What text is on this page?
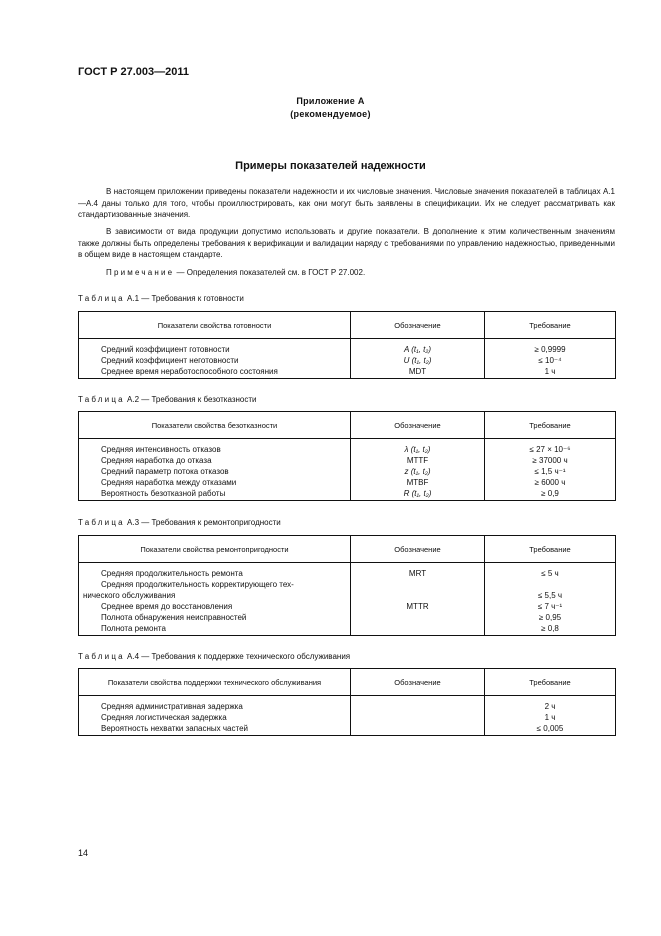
ГОСТ Р 27.003—2011
Приложение А
(рекомендуемое)
Примеры показателей надежности
В настоящем приложении приведены показатели надежности и их числовые значения. Числовые значения показателей в таблицах А.1—А.4 даны только для того, чтобы проиллюстрировать, как они могут быть заявлены в спецификации. Их не следует рассматривать как стандартизованные значения.
В зависимости от вида продукции допустимо использовать и другие показатели. В дополнение к этим количественным значениям также должны быть определены требования к верификации и валидации наряду с требованиями по управлению надежностью, приведенными в общем виде в настоящем стандарте.
Примечание — Определения показателей см. в ГОСТ Р 27.002.
Таблица А.1 — Требования к готовности
Показатели свойства готовности	Обозначение	Требование
Средний коэффициент готовности	A (t₁, t₂)	≥ 0,9999
Средний коэффициент неготовности	U (t₁, t₂)	≤ 10⁻⁴
Среднее время неработоспособного состояния	MDT	1 ч
Таблица А.2 — Требования к безотказности
Показатели свойства безотказности	Обозначение	Требование
Средняя интенсивность отказов	λ (t₁, t₂)	≤ 27 × 10⁻⁶
Средняя наработка до отказа	MTTF	≥ 37000 ч
Средний параметр потока отказов	z (t₁, t₂)	≤ 1,5 ч⁻¹
Средняя наработка между отказами	MTBF	≥ 6000 ч
Вероятность безотказной работы	R (t₁, t₂)	≥ 0,9
Таблица А.3 — Требования к ремонтопригодности
Показатели свойства ремонтопригодности	Обозначение	Требование
Средняя продолжительность ремонта	MRT	≤ 5 ч
Средняя продолжительность корректирующего тех-		
нического обслуживания		≤ 5,5 ч
Среднее время до восстановления	MTTR	≤ 7 ч⁻¹
Полнота обнаружения неисправностей		≥ 0,95
Полнота ремонта		≥ 0,8
Таблица А.4 — Требования к поддержке технического обслуживания
Показатели свойства поддержки технического обслуживания	Обозначение	Требование
Средняя административная задержка		2 ч
Средняя логистическая задержка		1 ч
Вероятность нехватки запасных частей		≤ 0,005
14
